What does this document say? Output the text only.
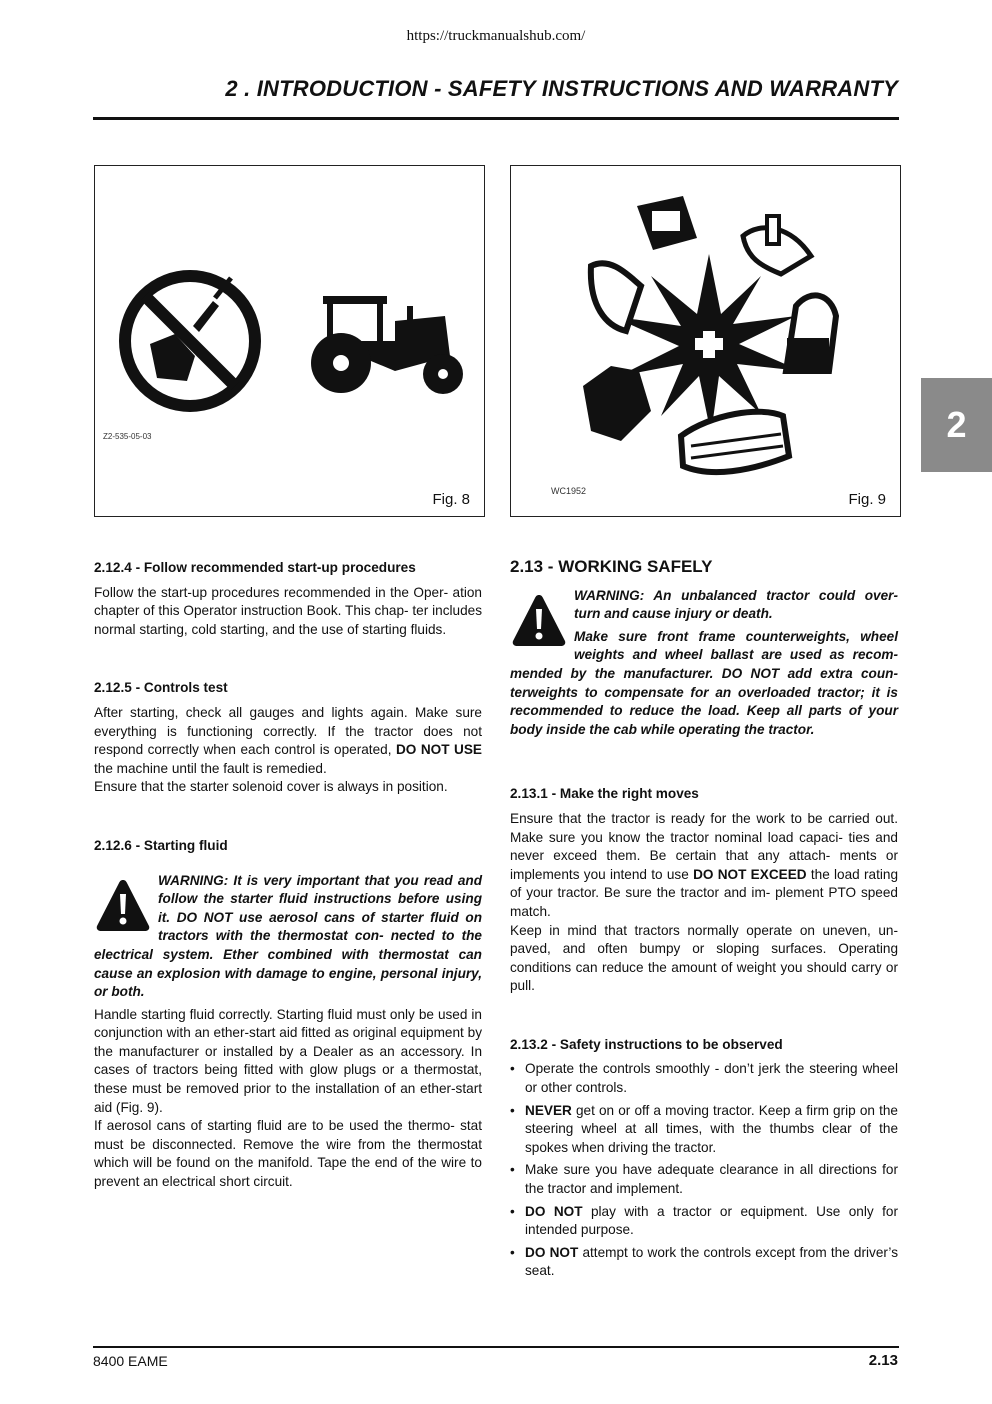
https://truckmanualshub.com/
2 . INTRODUCTION - SAFETY INSTRUCTIONS AND WARRANTY
Z2-535-05-03
Fig. 8	WC1952	Fig. 9
2
2.12.4 - Follow recommended start-up procedures

Follow the start-up procedures recommended in the Oper- ation chapter of this Operator instruction Book. This chap- ter includes normal starting, cold starting, and the use of starting fluids.

2.12.5 - Controls test

After starting, check all gauges and lights again. Make sure everything is functioning correctly. If the tractor does not respond correctly when each control is operated, DO NOT USE the machine until the fault is remedied.

Ensure that the starter solenoid cover is always in position.

2.12.6 - Starting fluid
WARNING: It is very important that you read and follow the starter fluid instructions before using it. DO NOT use aerosol cans of starter fluid on tractors with the thermostat con- nected to the electrical system. Ether combined with thermostat can cause an explosion with damage to engine, personal injury, or both.

Handle starting fluid correctly. Starting fluid must only be used in conjunction with an ether-start aid fitted as original equipment by the manufacturer or installed by a Dealer as an accessory. In cases of tractors being fitted with glow plugs or a thermostat, these must be removed prior to the installation of an ether-start aid (Fig. 9).

If aerosol cans of starting fluid are to be used the thermo- stat must be disconnected. Remove the wire from the thermostat which will be found on the manifold. Tape the end of the wire to prevent an electrical short circuit.

2.13 - WORKING SAFELY
WARNING: An unbalanced tractor could over- turn and cause injury or death.
Make sure front frame counterweights, wheel weights and wheel ballast are used as recom- mended by the manufacturer. DO NOT add extra coun- terweights to compensate for an overloaded tractor; it is recommended to reduce the load. Keep all parts of your body inside the cab while operating the tractor.
2.13.1 - Make the right moves

Ensure that the tractor is ready for the work to be carried out. Make sure you know the tractor nominal load capaci- ties and never exceed them. Be certain that any attach- ments or implements you intend to use DO NOT EXCEED the load rating of your tractor. Be sure the tractor and im- plement PTO speed match.

Keep in mind that tractors normally operate on uneven, un- paved, and often bumpy or sloping surfaces. Operating conditions can reduce the amount of weight you should carry or pull.

2.13.2 - Safety instructions to be observed
• Operate the controls smoothly - don’t jerk the steering wheel or other controls.
• NEVER get on or off a moving tractor. Keep a firm grip on the steering wheel at all times, with the thumbs clear of the spokes when driving the tractor.
• Make sure you have adequate clearance in all directions for the tractor and implement.
• DO NOT play with a tractor or equipment. Use only for intended purpose.
• DO NOT attempt to work the controls except from the driver’s seat.
8400 EAME	2.13
